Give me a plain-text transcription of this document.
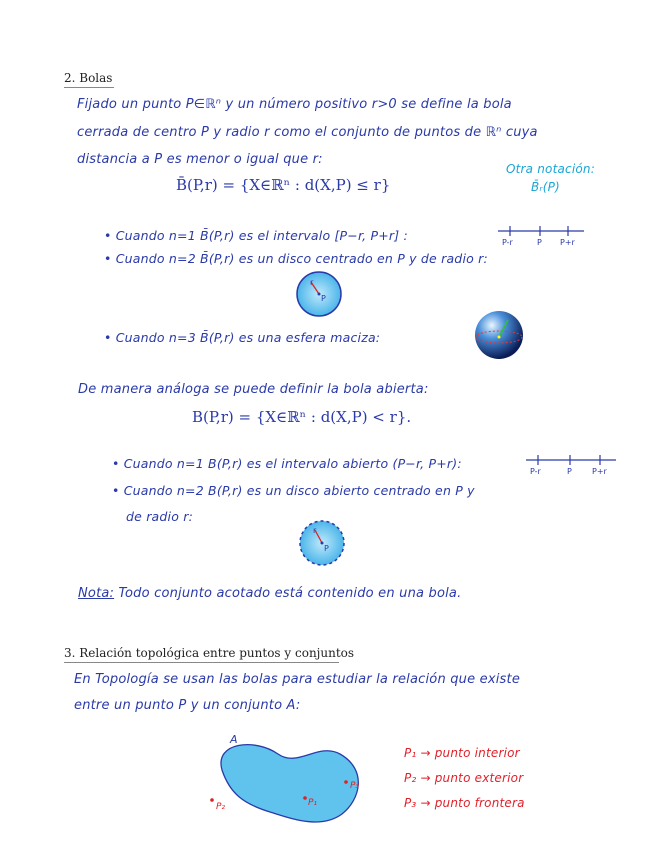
2. Bolas
Fijado un punto P∈ℝⁿ y un número positivo r>0 se define la bola
cerrada de centro P y radio r como el conjunto de puntos de ℝⁿ cuya
distancia a P es menor o igual que r:
B̄(P,r) = {X∈ℝⁿ : d(X,P) ≤ r}
Otra notación:
B̄ᵣ(P)
• Cuando n=1 B̄(P,r) es el intervalo [P−r, P+r] :
• Cuando n=2 B̄(P,r) es un disco centrado en P y de radio r:
• Cuando n=3 B̄(P,r) es una esfera maciza:
P-r	P P+r
r
P
De manera análoga se puede definir la bola abierta:
B(P,r) = {X∈ℝⁿ : d(X,P) < r}.
• Cuando n=1 B(P,r) es el intervalo abierto (P−r, P+r):
• Cuando n=2 B(P,r) es un disco abierto centrado en P y
de radio r:
P-r	P	P+r
r
P
Nota: Todo conjunto acotado está contenido en una bola.
3. Relación topológica entre puntos y conjuntos
En Topología se usan las bolas para estudiar la relación que existe
entre un punto P y un conjunto A:
A
P₁
P₂
P₃
P₁ → punto interior
P₂ → punto exterior
P₃ → punto frontera
